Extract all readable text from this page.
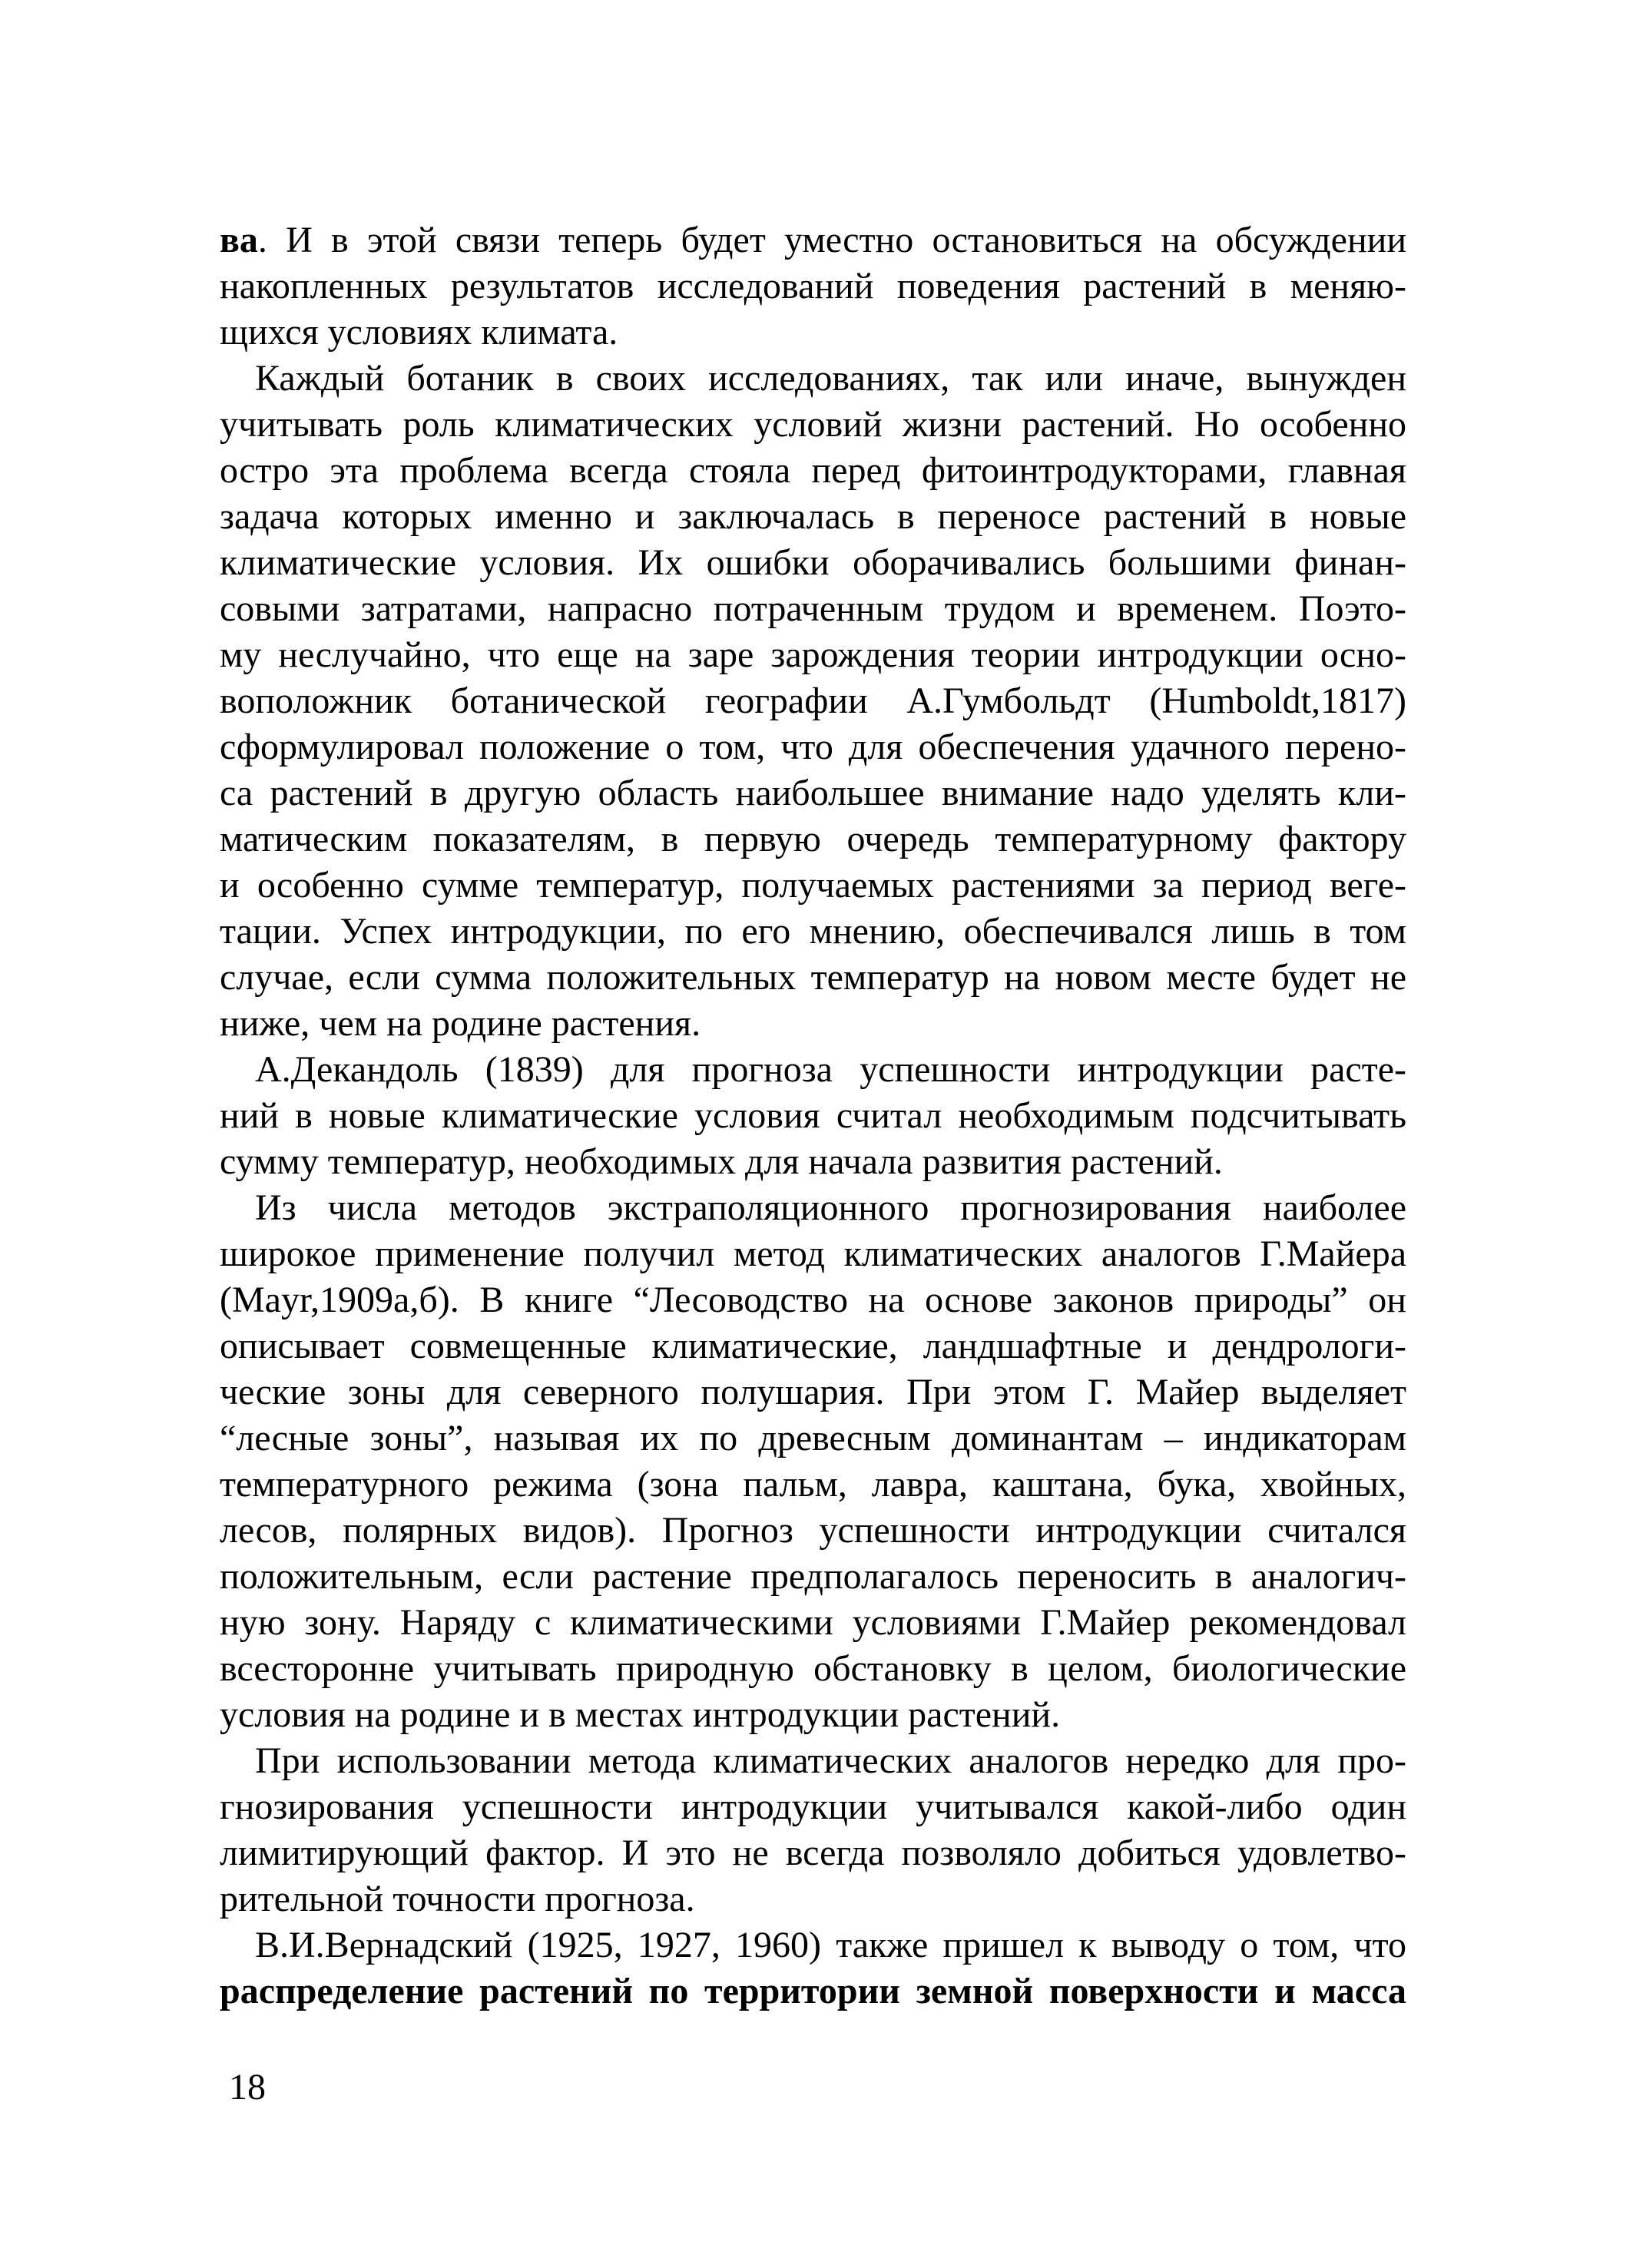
ва. И в этой связи теперь будет уместно остановиться на обсуждении
накопленных результатов исследований поведения растений в меняю-
щихся условиях климата.
Каждый ботаник в своих исследованиях, так или иначе, вынужден
учитывать роль климатических условий жизни растений. Но особенно
остро эта проблема всегда стояла перед фитоинтродукторами, главная
задача которых именно и заключалась в переносе растений в новые
климатические условия. Их ошибки оборачивались большими финан-
совыми затратами, напрасно потраченным трудом и временем. Поэто-
му неслучайно, что еще на заре зарождения теории интродукции осно-
воположник ботанической географии А.Гумбольдт (Humboldt,1817)
сформулировал положение о том, что для обеспечения удачного перено-
са растений в другую область наибольшее внимание надо уделять кли-
матическим показателям, в первую очередь температурному фактору
и особенно сумме температур, получаемых растениями за период веге-
тации. Успех интродукции, по его мнению, обеспечивался лишь в том
случае, если сумма положительных температур на новом месте будет не
ниже, чем на родине растения.
А.Декандоль (1839) для прогноза успешности интродукции расте-
ний в новые климатические условия считал необходимым подсчитывать
сумму температур, необходимых для начала развития растений.
Из числа методов экстраполяционного прогнозирования наиболее
широкое применение получил метод климатических аналогов Г.Майера
(Mayr,1909а,б). В книге “Лесоводство на основе законов природы” он
описывает совмещенные климатические, ландшафтные и дендрологи-
ческие зоны для северного полушария. При этом Г. Майер выделяет
“лесные зоны”, называя их по древесным доминантам – индикаторам
температурного режима (зона пальм, лавра, каштана, бука, хвойных,
лесов, полярных видов). Прогноз успешности интродукции считался
положительным, если растение предполагалось переносить в аналогич-
ную зону. Наряду с климатическими условиями Г.Майер рекомендовал
всесторонне учитывать природную обстановку в целом, биологические
условия на родине и в местах интродукции растений.
При использовании метода климатических аналогов нередко для про-
гнозирования успешности интродукции учитывался какой-либо один
лимитирующий фактор. И это не всегда позволяло добиться удовлетво-
рительной точности прогноза.
В.И.Вернадский (1925, 1927, 1960) также пришел к выводу о том, что
распределение растений по территории земной поверхности и масса
18
